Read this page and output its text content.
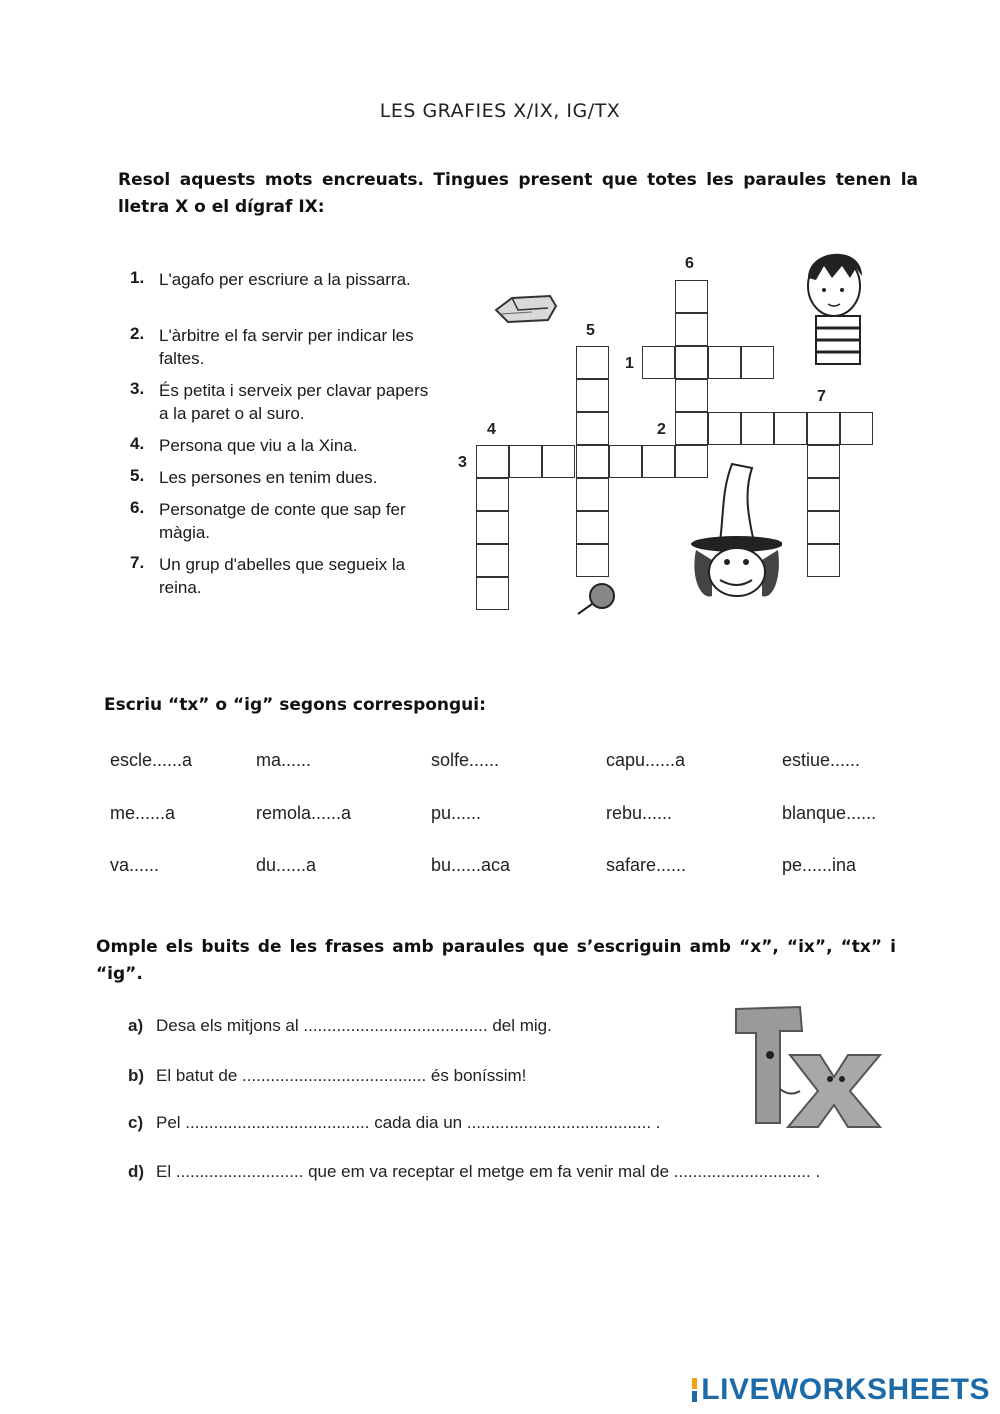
LES GRAFIES X/IX, IG/TX
Resol aquests mots encreuats. Tingues present que totes les paraules tenen la lletra X o el dígraf IX:
1. L'agafo per escriure a la pissarra.
2. L'àrbitre el fa servir per indicar les faltes.
3. És petita i serveix per clavar papers a la paret o al suro.
4. Persona que viu a la Xina.
5. Les persones en tenim dues.
6. Personatge de conte que sap fer màgia.
7. Un grup d'abelles que segueix la reina.
6
5
1
7
4	2
3
Escriu “tx” o “ig” segons correspongui:
escle......a	ma......	solfe......	capu......a	estiue......
me......a	remola......a	pu......	rebu......	blanque......
va......	du......a	bu......aca	safare......	pe......ina
Omple els buits de les frases amb paraules que s’escriguin amb “x”, “ix”, “tx” i “ig”.
a) Desa els mitjons al ....................................... del mig.
b) El batut de ....................................... és boníssim!
c) Pel ....................................... cada dia un ....................................... .
d) El ........................... que em va receptar el metge em fa venir mal de ............................. .
LIVEWORKSHEETS
